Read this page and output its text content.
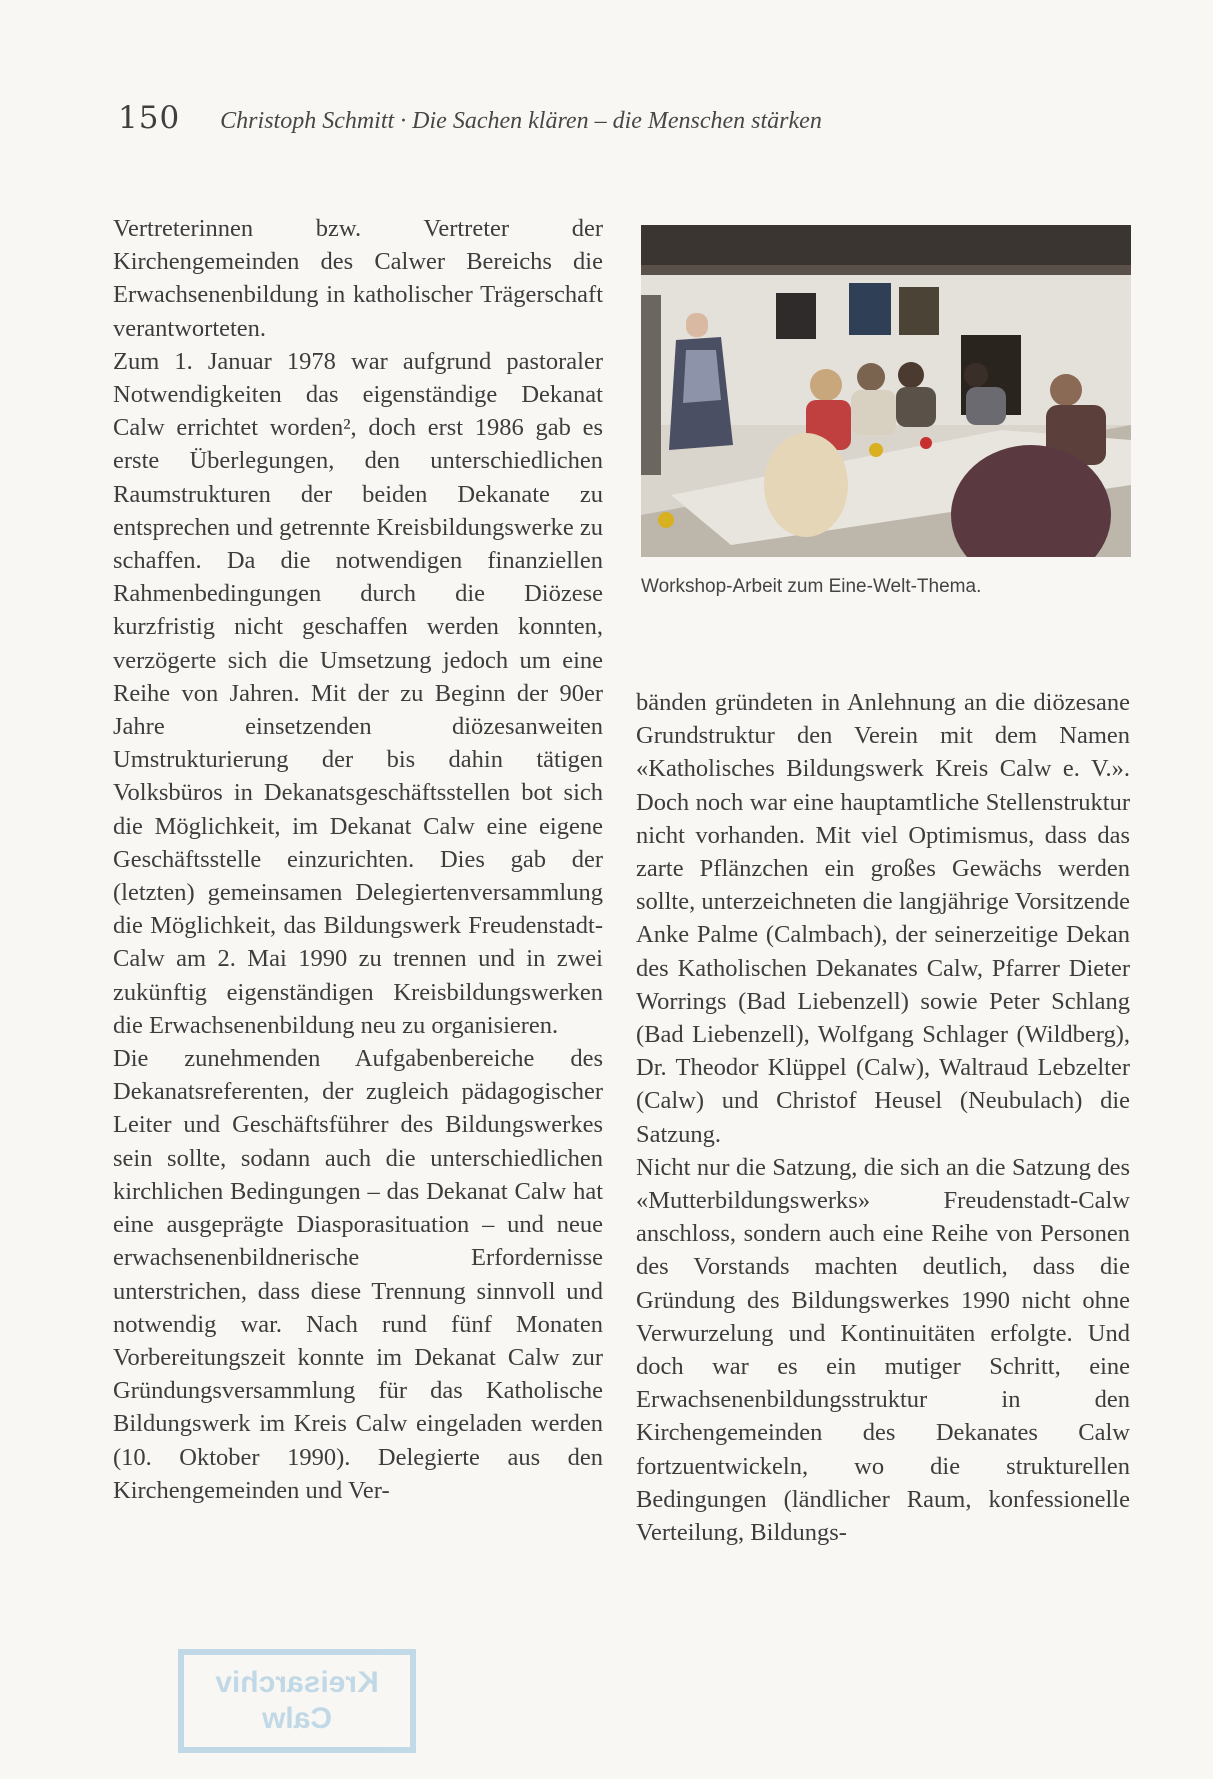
150 Christoph Schmitt · Die Sachen klären – die Menschen stärken

Vertreterinnen bzw. Vertreter der Kirchengemeinden des Calwer Bereichs die Erwachsenenbildung in katholischer Trägerschaft verantworteten.

Zum 1. Januar 1978 war aufgrund pastoraler Notwendigkeiten das eigenständige Dekanat Calw errichtet worden², doch erst 1986 gab es erste Überlegungen, den unterschiedlichen Raumstrukturen der beiden Dekanate zu entsprechen und getrennte Kreisbildungswerke zu schaffen. Da die notwendigen finanziellen Rahmenbedingungen durch die Diözese kurzfristig nicht geschaffen werden konnten, verzögerte sich die Umsetzung jedoch um eine Reihe von Jahren. Mit der zu Beginn der 90er Jahre einsetzenden diözesanweiten Umstrukturierung der bis dahin tätigen Volksbüros in Dekanatsgeschäftsstellen bot sich die Möglichkeit, im Dekanat Calw eine eigene Geschäftsstelle einzurichten. Dies gab der (letzten) gemeinsamen Delegiertenversammlung die Möglichkeit, das Bildungswerk Freudenstadt-Calw am 2. Mai 1990 zu trennen und in zwei zukünftig eigenständigen Kreisbildungswerken die Erwachsenenbildung neu zu organisieren.

Die zunehmenden Aufgabenbereiche des Dekanatsreferenten, der zugleich pädagogischer Leiter und Geschäftsführer des Bildungswerkes sein sollte, sodann auch die unterschiedlichen kirchlichen Bedingungen – das Dekanat Calw hat eine ausgeprägte Diasporasituation – und neue erwachsenenbildnerische Erfordernisse unterstrichen, dass diese Trennung sinnvoll und notwendig war. Nach rund fünf Monaten Vorbereitungszeit konnte im Dekanat Calw zur Gründungsversammlung für das Katholische Bildungswerk im Kreis Calw eingeladen werden (10. Oktober 1990). Delegierte aus den Kirchengemeinden und Ver-

Workshop-Arbeit zum Eine-Welt-Thema.

bänden gründeten in Anlehnung an die diözesane Grundstruktur den Verein mit dem Namen «Katholisches Bildungswerk Kreis Calw e. V.». Doch noch war eine hauptamtliche Stellenstruktur nicht vorhanden. Mit viel Optimismus, dass das zarte Pflänzchen ein großes Gewächs werden sollte, unterzeichneten die langjährige Vorsitzende Anke Palme (Calmbach), der seinerzeitige Dekan des Katholischen Dekanates Calw, Pfarrer Dieter Worrings (Bad Liebenzell) sowie Peter Schlang (Bad Liebenzell), Wolfgang Schlager (Wildberg), Dr. Theodor Klüppel (Calw), Waltraud Lebzelter (Calw) und Christof Heusel (Neubulach) die Satzung.

Nicht nur die Satzung, die sich an die Satzung des «Mutterbildungswerks» Freudenstadt-Calw anschloss, sondern auch eine Reihe von Personen des Vorstands machten deutlich, dass die Gründung des Bildungswerkes 1990 nicht ohne Verwurzelung und Kontinuitäten erfolgte. Und doch war es ein mutiger Schritt, eine Erwachsenenbildungsstruktur in den Kirchengemeinden des Dekanates Calw fortzuentwickeln, wo die strukturellen Bedingungen (ländlicher Raum, konfessionelle Verteilung, Bildungs-

Kreisarchiv
Calw
